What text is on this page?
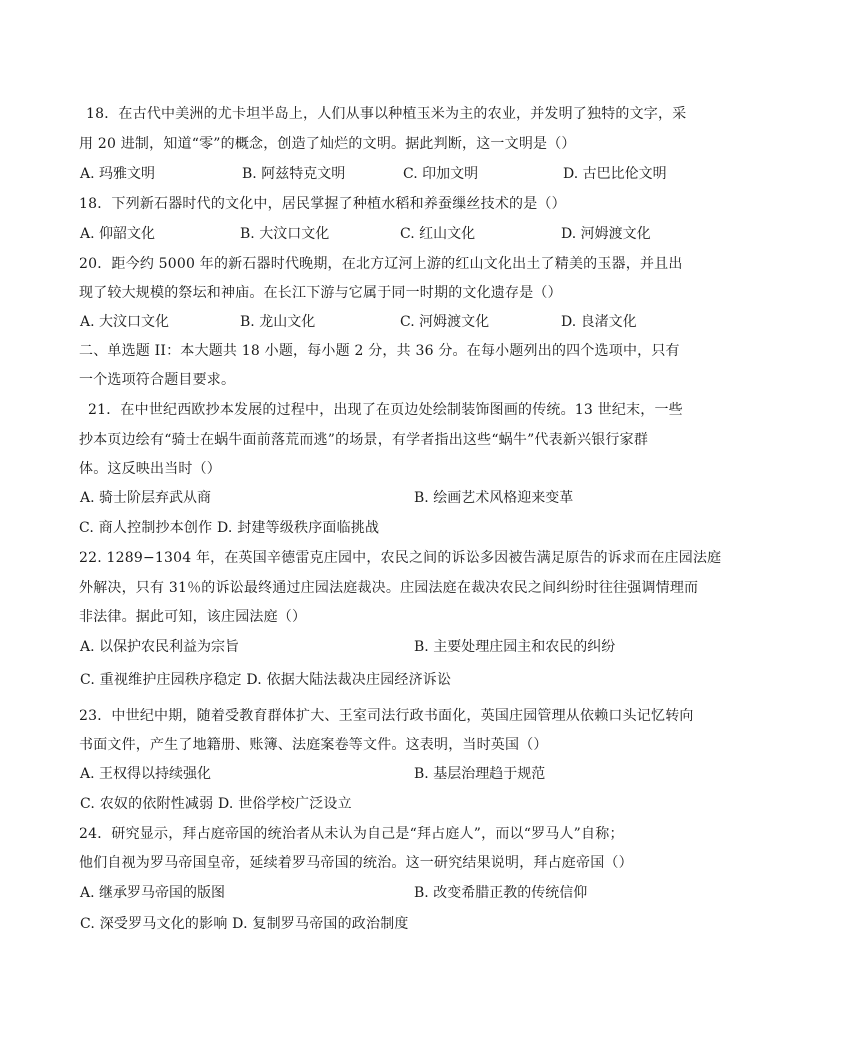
18．在古代中美洲的尤卡坦半岛上，人们从事以种植玉米为主的农业，并发明了独特的文字，采
用 20 进制，知道“零”的概念，创造了灿烂的文明。据此判断，这一文明是（）
A. 玛雅文明	B. 阿兹特克文明	C. 印加文明	D. 古巴比伦文明
18．下列新石器时代的文化中，居民掌握了种植水稻和养蚕缫丝技术的是（）
A. 仰韶文化	B. 大汶口文化	C. 红山文化	D. 河姆渡文化
20．距今约 5000 年的新石器时代晚期，在北方辽河上游的红山文化出土了精美的玉器，并且出
现了较大规模的祭坛和神庙。在长江下游与它属于同一时期的文化遗存是（）
A. 大汶口文化	B. 龙山文化	C. 河姆渡文化	D. 良渚文化
二、单选题 II：本大题共 18 小题，每小题 2 分，共 36 分。在每小题列出的四个选项中，只有
一个选项符合题目要求。
21．在中世纪西欧抄本发展的过程中，出现了在页边处绘制装饰图画的传统。13 世纪末，一些
抄本页边绘有“骑士在蜗牛面前落荒而逃”的场景，有学者指出这些“蜗牛”代表新兴银行家群
体。这反映出当时（）
A. 骑士阶层弃武从商	B. 绘画艺术风格迎来变革
C. 商人控制抄本创作 D. 封建等级秩序面临挑战
22. 1289−1304 年，在英国辛德雷克庄园中，农民之间的诉讼多因被告满足原告的诉求而在庄园法庭
外解决，只有 31％的诉讼最终通过庄园法庭裁决。庄园法庭在裁决农民之间纠纷时往往强调情理而
非法律。据此可知，该庄园法庭（）
A. 以保护农民利益为宗旨	B. 主要处理庄园主和农民的纠纷
C. 重视维护庄园秩序稳定 D. 依据大陆法裁决庄园经济诉讼
23．中世纪中期，随着受教育群体扩大、王室司法行政书面化，英国庄园管理从依赖口头记忆转向
书面文件，产生了地籍册、账簿、法庭案卷等文件。这表明，当时英国（）
A. 王权得以持续强化	B. 基层治理趋于规范
C. 农奴的依附性减弱 D. 世俗学校广泛设立
24．研究显示，拜占庭帝国的统治者从未认为自己是“拜占庭人”，而以“罗马人”自称；
他们自视为罗马帝国皇帝，延续着罗马帝国的统治。这一研究结果说明，拜占庭帝国（）
A. 继承罗马帝国的版图	B. 改变希腊正教的传统信仰
C. 深受罗马文化的影响 D. 复制罗马帝国的政治制度
